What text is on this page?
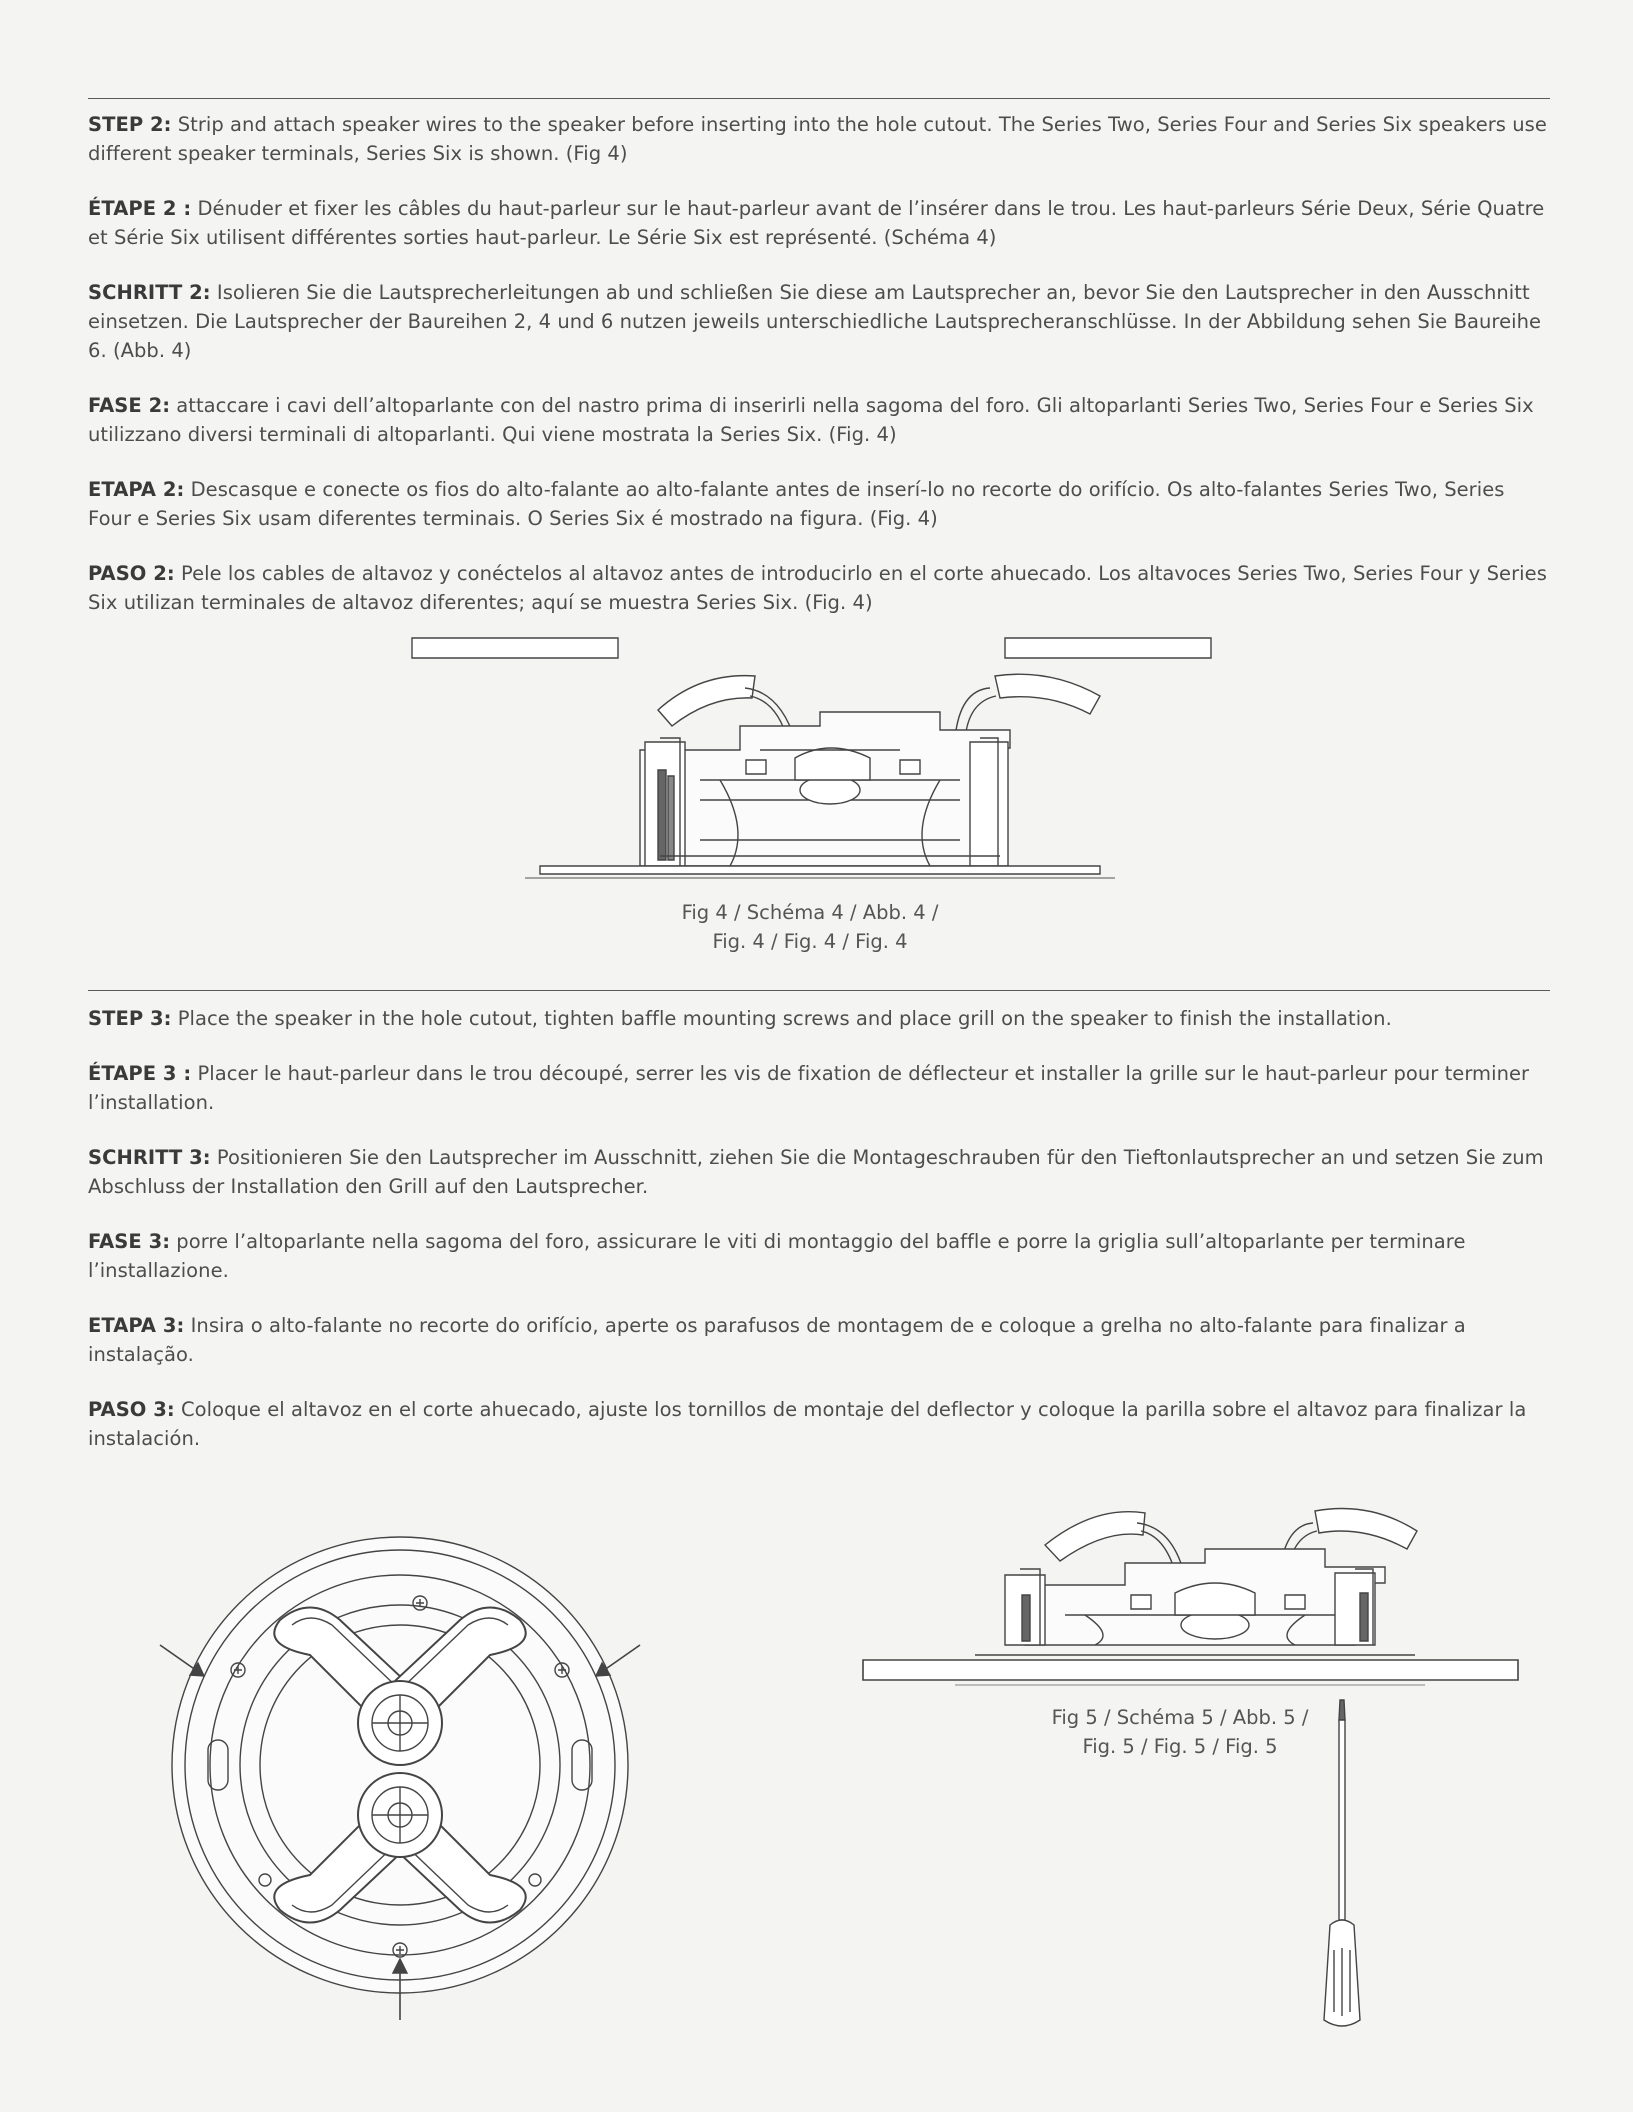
STEP 2: Strip and attach speaker wires to the speaker before inserting into the hole cutout. The Series Two, Series Four and Series Six speakers use different speaker terminals, Series Six is shown. (Fig 4)

ÉTAPE 2 : Dénuder et fixer les câbles du haut-parleur sur le haut-parleur avant de l’insérer dans le trou. Les haut-parleurs Série Deux, Série Quatre et Série Six utilisent différentes sorties haut-parleur. Le Série Six est représenté. (Schéma 4)

SCHRITT 2: Isolieren Sie die Lautsprecherleitungen ab und schließen Sie diese am Lautsprecher an, bevor Sie den Lautsprecher in den Ausschnitt einsetzen. Die Lautsprecher der Baureihen 2, 4 und 6 nutzen jeweils unterschiedliche Lautsprecheranschlüsse. In der Abbildung sehen Sie Baureihe 6. (Abb. 4)

FASE 2: attaccare i cavi dell’altoparlante con del nastro prima di inserirli nella sagoma del foro. Gli altoparlanti Series Two, Series Four e Series Six utilizzano diversi terminali di altoparlanti. Qui viene mostrata la Series Six. (Fig. 4)

ETAPA 2: Descasque e conecte os fios do alto-falante ao alto-falante antes de inserí-lo no recorte do orifício. Os alto-falantes Series Two, Series Four e Series Six usam diferentes terminais. O Series Six é mostrado na figura. (Fig. 4)

PASO 2: Pele los cables de altavoz y conéctelos al altavoz antes de introducirlo en el corte ahuecado. Los altavoces Series Two, Series Four y Series Six utilizan terminales de altavoz diferentes; aquí se muestra Series Six. (Fig. 4)

Fig 4 / Schéma 4 / Abb. 4 /
Fig. 4 / Fig. 4 / Fig. 4

STEP 3: Place the speaker in the hole cutout, tighten baffle mounting screws and place grill on the speaker to finish the installation.

ÉTAPE 3 : Placer le haut-parleur dans le trou découpé, serrer les vis de fixation de déflecteur et installer la grille sur le haut-parleur pour terminer l’installation.

SCHRITT 3: Positionieren Sie den Lautsprecher im Ausschnitt, ziehen Sie die Montageschrauben für den Tieftonlautsprecher an und setzen Sie zum Abschluss der Installation den Grill auf den Lautsprecher.

FASE 3: porre l’altoparlante nella sagoma del foro, assicurare le viti di montaggio del baffle e porre la griglia sull’altoparlante per terminare l’installazione.

ETAPA 3: Insira o alto-falante no recorte do orifício, aperte os parafusos de montagem de e coloque a grelha no alto-falante para finalizar a instalação.

PASO 3: Coloque el altavoz en el corte ahuecado, ajuste los tornillos de montaje del deflector y coloque la parilla sobre el altavoz para finalizar la instalación.

Fig 5 / Schéma 5 / Abb. 5 /
Fig. 5 / Fig. 5 / Fig. 5
